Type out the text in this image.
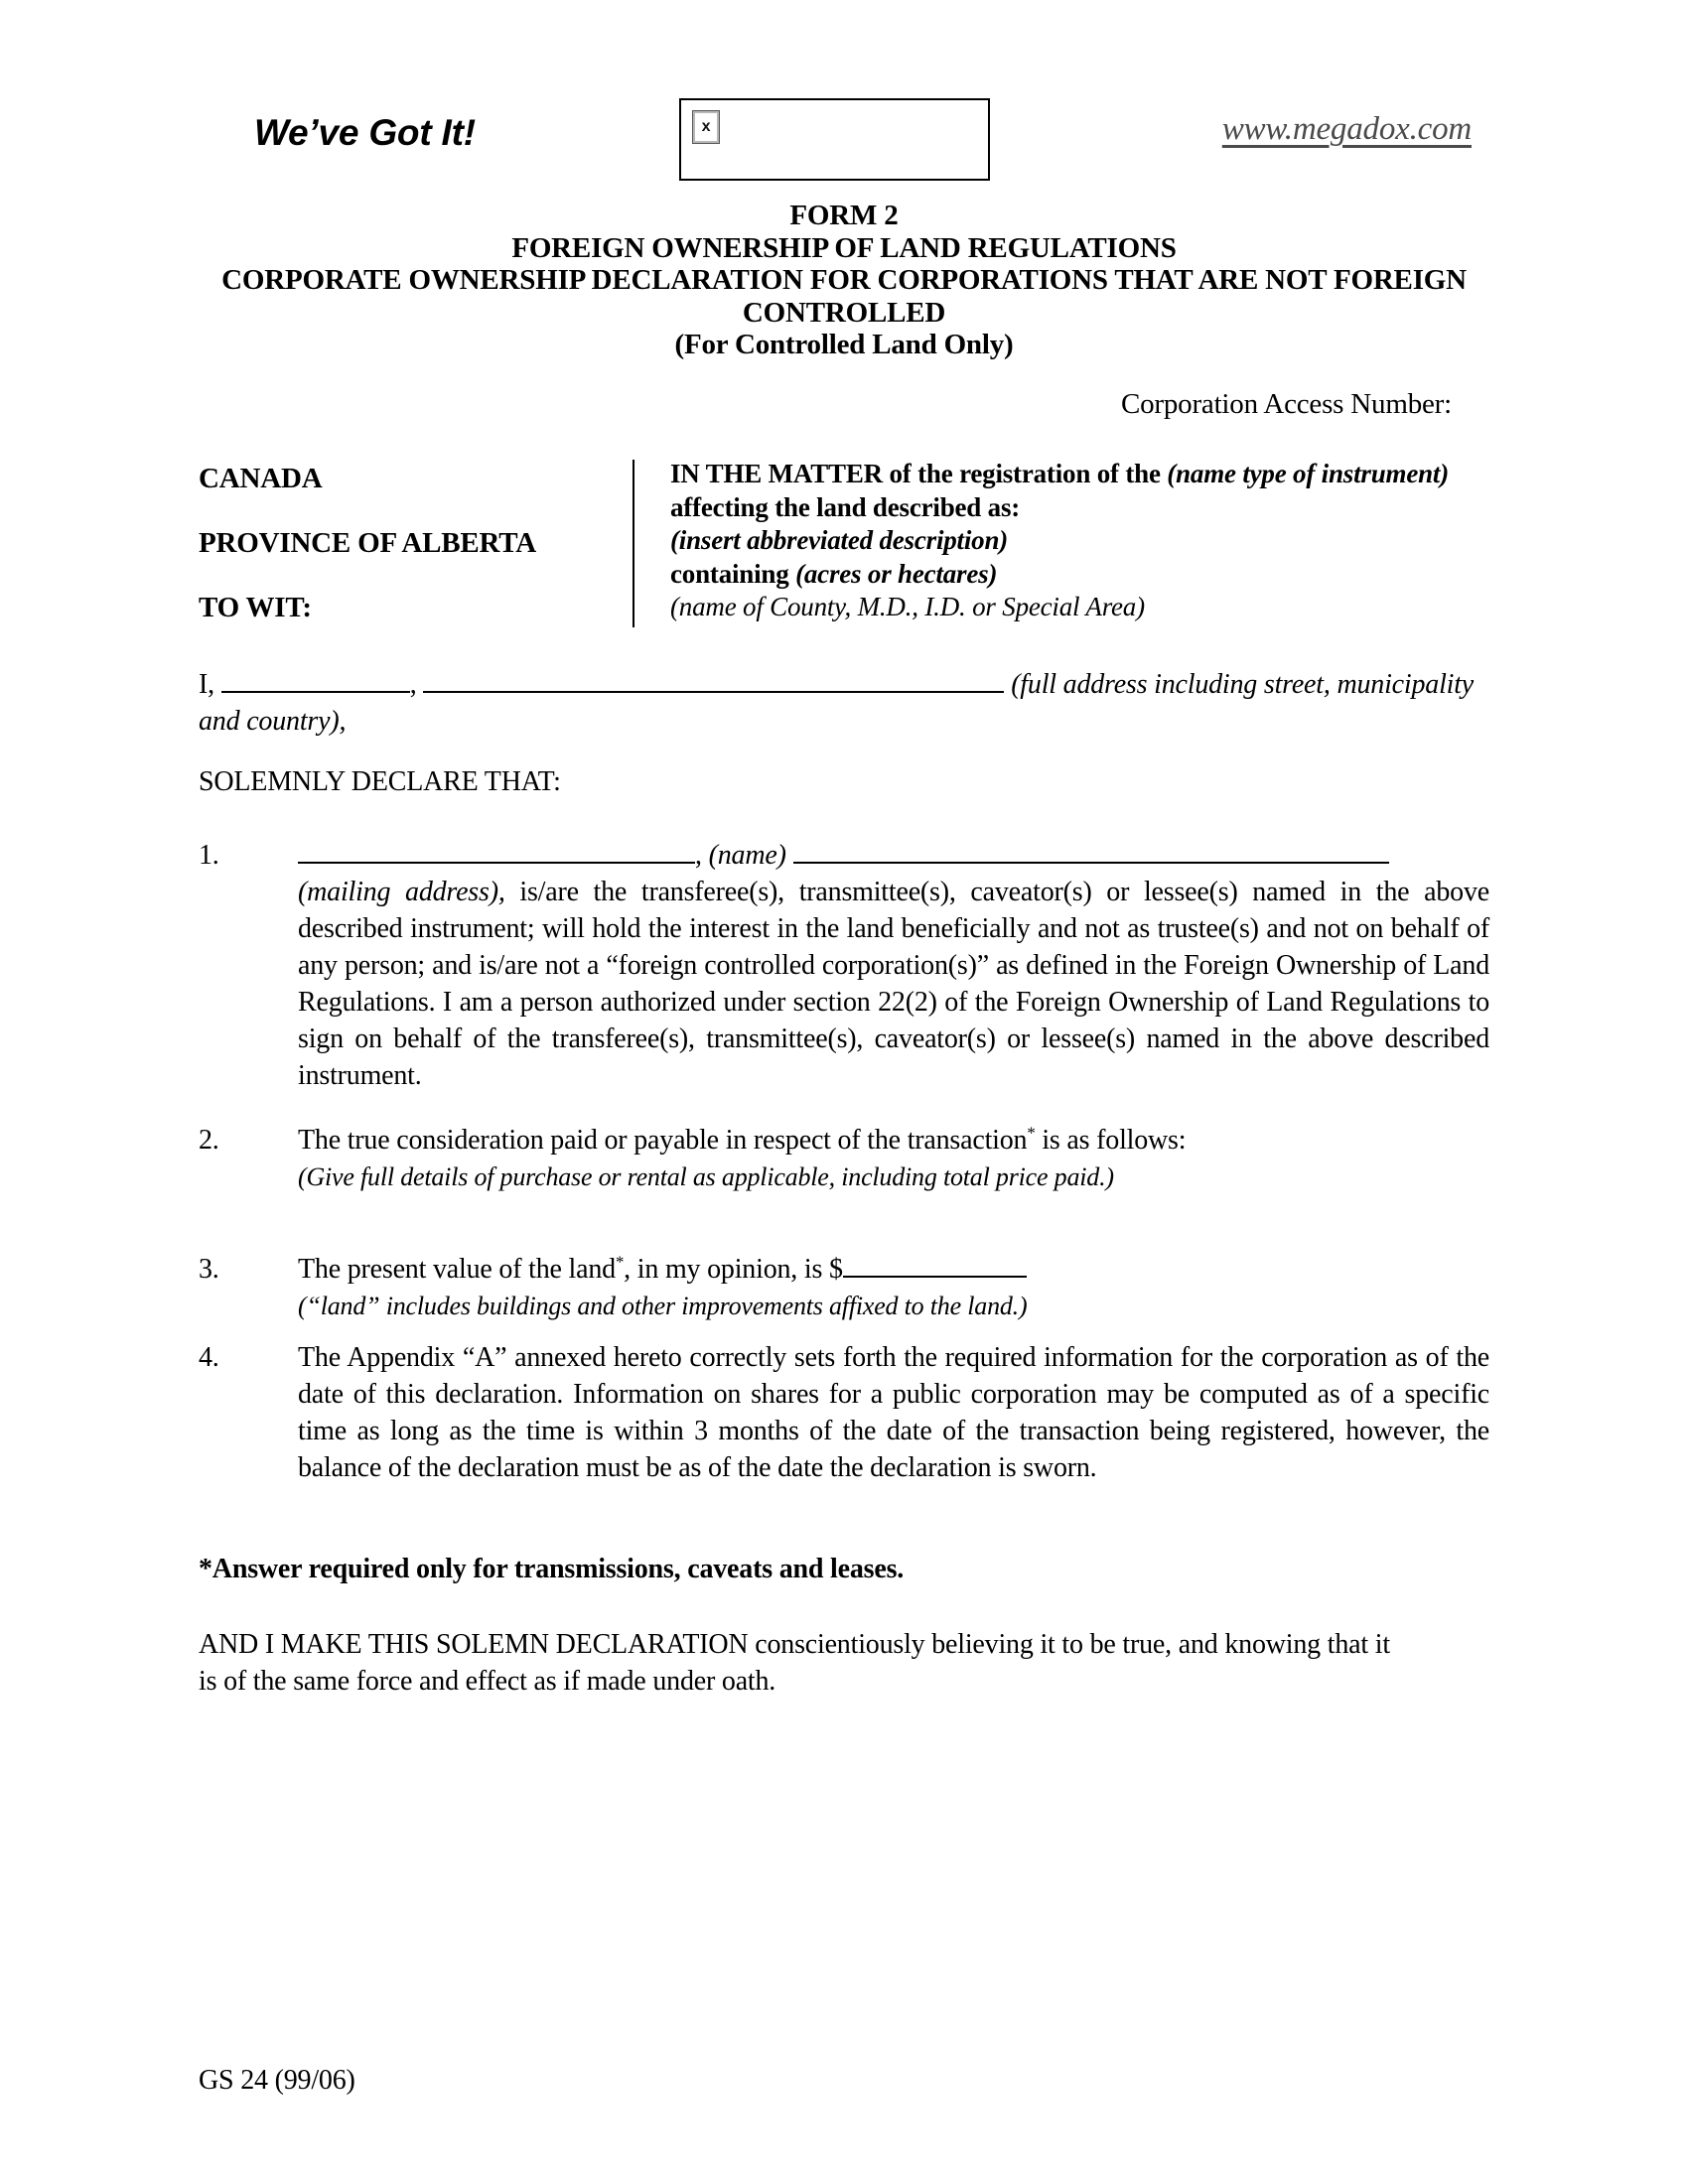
We’ve Got It!	x	www.megadox.com
FORM 2
FOREIGN OWNERSHIP OF LAND REGULATIONS
CORPORATE OWNERSHIP DECLARATION FOR CORPORATIONS THAT ARE NOT FOREIGN
CONTROLLED
(For Controlled Land Only)
Corporation Access Number:
CANADA
PROVINCE OF ALBERTA
TO WIT:
IN THE MATTER of the registration of the (name type of instrument)
affecting the land described as:
(insert abbreviated description)
containing (acres or hectares)
(name of County, M.D., I.D. or Special Area)
I,	,	(full address including street, municipality and country),
SOLEMNLY DECLARE THAT:
1.	, (name)
(mailing address), is/are the transferee(s), transmittee(s), caveator(s) or lessee(s) named in the above described instrument; will hold the interest in the land beneficially and not as trustee(s) and not on behalf of any person; and is/are not a “foreign controlled corporation(s)” as defined in the Foreign Ownership of Land Regulations. I am a person authorized under section 22(2) of the Foreign Ownership of Land Regulations to sign on behalf of the transferee(s), transmittee(s), caveator(s) or lessee(s) named in the above described instrument.
2.	The true consideration paid or payable in respect of the transaction* is as follows:
(Give full details of purchase or rental as applicable, including total price paid.)
3.	The present value of the land*, in my opinion, is $
(“land” includes buildings and other improvements affixed to the land.)
4.	The Appendix “A” annexed hereto correctly sets forth the required information for the corporation as of the date of this declaration. Information on shares for a public corporation may be computed as of a specific time as long as the time is within 3 months of the date of the transaction being registered, however, the balance of the declaration must be as of the date the declaration is sworn.
*Answer required only for transmissions, caveats and leases.
AND I MAKE THIS SOLEMN DECLARATION conscientiously believing it to be true, and knowing that it is of the same force and effect as if made under oath.
GS 24 (99/06)
